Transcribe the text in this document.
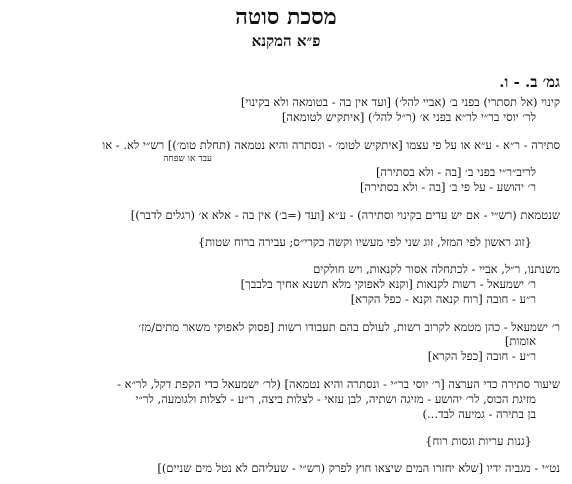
מסכת סוטה
פ״א המקנא
גמ׳ ב. - ו.
קינוי (אל תסתרי) בפני ב׳ (אביי להל׳) [ועד אין בה - בטומאה ולא בקינוי]
לר׳ יוסי בר״י לר״א בפני א׳ (ר״ל להל׳) [איתקיש לטומאה]
סתירה - ר״א - ע״א או על פי עצמו [איתקיש לטומ׳ - ונסתרה והיא נטמאה (תחלת טומ׳)] רש״י לא. - או
עבד או שפחה
לריב״ר״י בפני ב׳ [בה - ולא בסתירה]
ר׳ יהושע - על פי ב׳ [בה - ולא בסתירה]
שנטמאת (רש״י - אם יש עדים בקינוי וסתירה) - ע״א [ועד (=ב׳) אין בה - אלא א׳ (רגלים לדבר)]
{זוג ראשון לפי המזל, זוג שני לפי מעשיו וקשה כקרי״ס; עבירה ברוח שטות}
משנתנו, ר״ל, אביי - לכתחלה אסור לקנאות, ויש חולקים
ר׳ ישמעאל - רשות לקנאות [וקנא לאפוקי מלא תשנא אחיך בלבבך]
ר״ע - חובה [רוח קנאה וקנא - כפל הקרא]
ר׳ ישמעאל - כהן מטמא לקרוב רשות, לעולם בהם תעבודו רשות [פסוק לאפוקי משאר מתים/מז׳
אומות]
ר״ע - חובה [כפל הקרא]
שיעור סתירה כדי הערצה [ר׳ יוסי בר״י - ונסתרה והיא נטמאה] (לר׳ ישמעאל כדי הקפת דקל, לר״א -
מזיגת הכוס, לר׳ יהושע - מזיגה ושתיה, לבן עזאי - לצלות ביצה, ר״ע - לצלות ולגומעה, לר״י
בן בתירה - גמיעה לבד...)
{גנות עריות וגסות רוח}
נט״י - מגביה ידיו [שלא יחזרו המים שיצאו חוץ לפרק (רש״י - שעליהם לא נטל מים שניים)]
